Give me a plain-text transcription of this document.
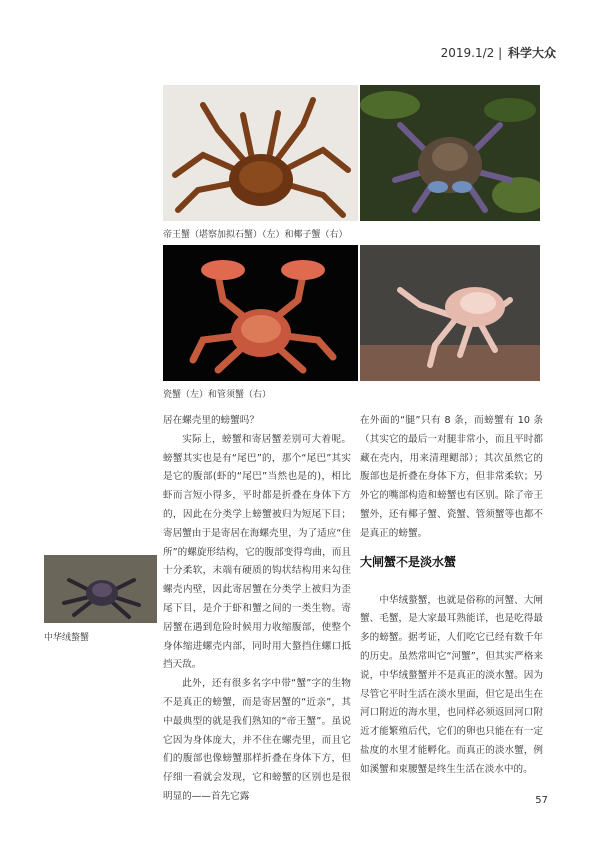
2019.1/2 | 科学大众
帝王蟹（堪察加拟石蟹）（左）和椰子蟹（右）
瓷蟹（左）和管须蟹（右）
中华绒螯蟹

居在螺壳里的螃蟹吗？

实际上，螃蟹和寄居蟹差别可大着呢。螃蟹其实也是有“尾巴”的，那个“尾巴”其实是它的腹部(虾的“尾巴”当然也是的)，相比虾而言短小得多，平时都是折叠在身体下方的，因此在分类学上螃蟹被归为短尾下目；寄居蟹由于是寄居在海螺壳里，为了适应“住所”的螺旋形结构，它的腹部变得弯曲，而且十分柔软，末端有硬质的钩状结构用来勾住螺壳内壁，因此寄居蟹在分类学上被归为歪尾下目，是介于虾和蟹之间的一类生物。寄居蟹在遇到危险时候用力收缩腹部，使整个身体缩进螺壳内部，同时用大螯挡住螺口抵挡天敌。

此外，还有很多名字中带“蟹”字的生物不是真正的螃蟹，而是寄居蟹的“近亲”，其中最典型的就是我们熟知的“帝王蟹”。虽说它因为身体庞大，并不住在螺壳里，而且它们的腹部也像螃蟹那样折叠在身体下方，但仔细一看就会发现，它和螃蟹的区别也是很明显的——首先它露

在外面的“腿”只有 8 条，而螃蟹有 10 条（其实它的最后一对腿非常小，而且平时都藏在壳内，用来清理鳃部）；其次虽然它的腹部也是折叠在身体下方，但非常柔软；另外它的嘴部构造和螃蟹也有区别。除了帝王蟹外，还有椰子蟹、瓷蟹、管须蟹等也都不是真正的螃蟹。

大闸蟹不是淡水蟹

中华绒螯蟹，也就是俗称的河蟹、大闸蟹、毛蟹，是大家最耳熟能详，也是吃得最多的螃蟹。据考证，人们吃它已经有数千年的历史。虽然常叫它“河蟹”，但其实严格来说，中华绒螯蟹并不是真正的淡水蟹。因为尽管它平时生活在淡水里面，但它是出生在河口附近的海水里，也同样必须返回河口附近才能繁殖后代，它们的卵也只能在有一定盐度的水里才能孵化。而真正的淡水蟹，例如溪蟹和束腰蟹是终生生活在淡水中的。

57
